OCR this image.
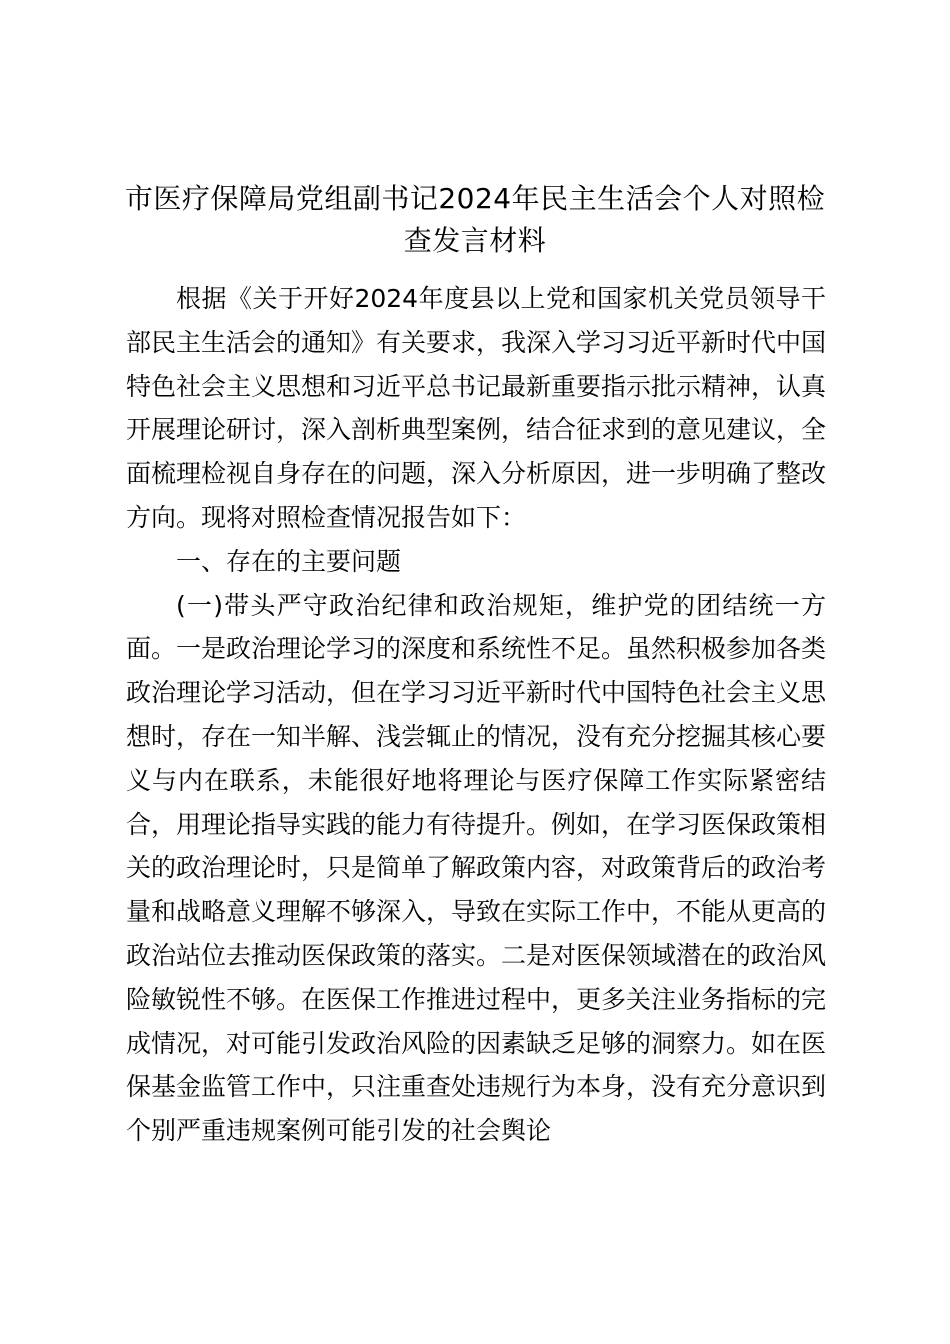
市医疗保障局党组副书记2024年民主生活会个人对照检查发言材料

根据《关于开好2024年度县以上党和国家机关党员领导干部民主生活会的通知》有关要求，我深入学习习近平新时代中国特色社会主义思想和习近平总书记最新重要指示批示精神，认真开展理论研讨，深入剖析典型案例，结合征求到的意见建议，全面梳理检视自身存在的问题，深入分析原因，进一步明确了整改方向。现将对照检查情况报告如下：

一、存在的主要问题

(一)带头严守政治纪律和政治规矩，维护党的团结统一方面。一是政治理论学习的深度和系统性不足。虽然积极参加各类政治理论学习活动，但在学习习近平新时代中国特色社会主义思想时，存在一知半解、浅尝辄止的情况，没有充分挖掘其核心要义与内在联系，未能很好地将理论与医疗保障工作实际紧密结合，用理论指导实践的能力有待提升。例如，在学习医保政策相关的政治理论时，只是简单了解政策内容，对政策背后的政治考量和战略意义理解不够深入，导致在实际工作中，不能从更高的政治站位去推动医保政策的落实。二是对医保领域潜在的政治风险敏锐性不够。在医保工作推进过程中，更多关注业务指标的完成情况，对可能引发政治风险的因素缺乏足够的洞察力。如在医保基金监管工作中，只注重查处违规行为本身，没有充分意识到个别严重违规案例可能引发的社会舆论
